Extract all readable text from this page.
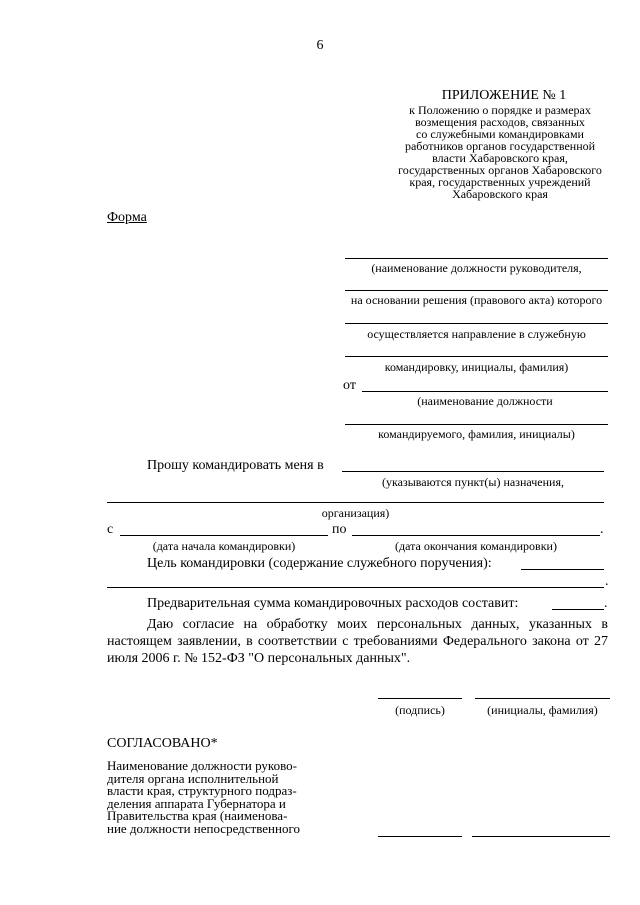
6
ПРИЛОЖЕНИЕ № 1
к Положению о порядке и размерах
возмещения расходов, связанных
со служебными командировками
работников органов государственной
власти Хабаровского края,
государственных органов Хабаровского
края, государственных учреждений
Хабаровского края
Форма
(наименование должности руководителя,
на основании решения (правового акта) которого
осуществляется направление в служебную
командировку, инициалы, фамилия)
от
(наименование должности
командируемого, фамилия, инициалы)
Прошу командировать меня в
(указываются пункт(ы) назначения,
организация)
с	по	.
(дата начала командировки)	(дата окончания командировки)
Цель командировки (содержание служебного поручения):
.
Предварительная сумма командировочных расходов составит:	.
Даю согласие на обработку моих персональных данных, указанных в настоящем заявлении, в соответствии с требованиями Федерального закона от 27 июля 2006 г. № 152-ФЗ "О персональных данных".
(подпись)	(инициалы, фамилия)
СОГЛАСОВАНО*
Наименование должности руково-
дителя органа исполнительной
власти края, структурного подраз-
деления аппарата Губернатора и
Правительства края (наименова-
ние должности непосредственного
